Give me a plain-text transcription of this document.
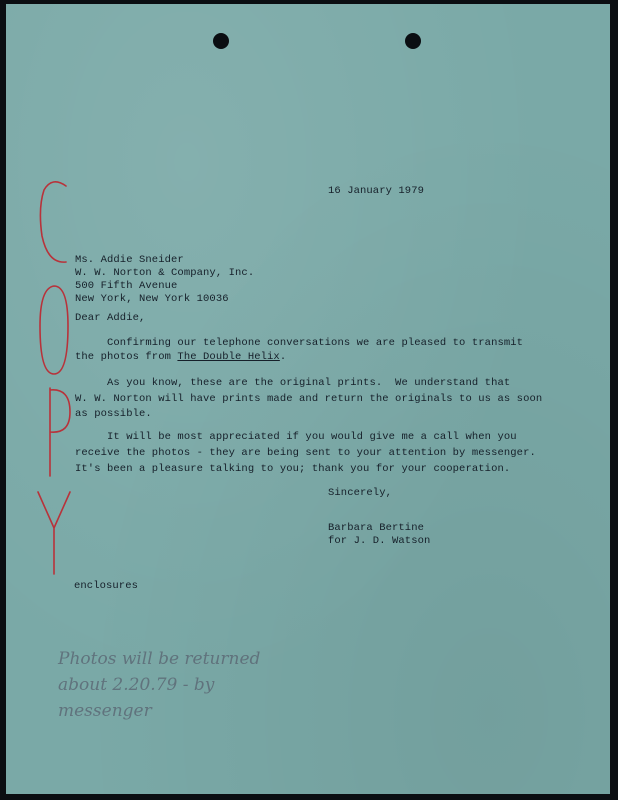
16 January 1979
Ms. Addie Sneider
W. W. Norton & Company, Inc.
500 Fifth Avenue
New York, New York 10036
Dear Addie,
Confirming our telephone conversations we are pleased to transmit
the photos from The Double Helix.
As you know, these are the original prints.  We understand that
W. W. Norton will have prints made and return the originals to us as soon
as possible.
It will be most appreciated if you would give me a call when you
receive the photos - they are being sent to your attention by messenger.
It's been a pleasure talking to you; thank you for your cooperation.
Sincerely,
Barbara Bertine
for J. D. Watson
enclosures
Photos will be returned
about 2.20.79 - by
messenger
